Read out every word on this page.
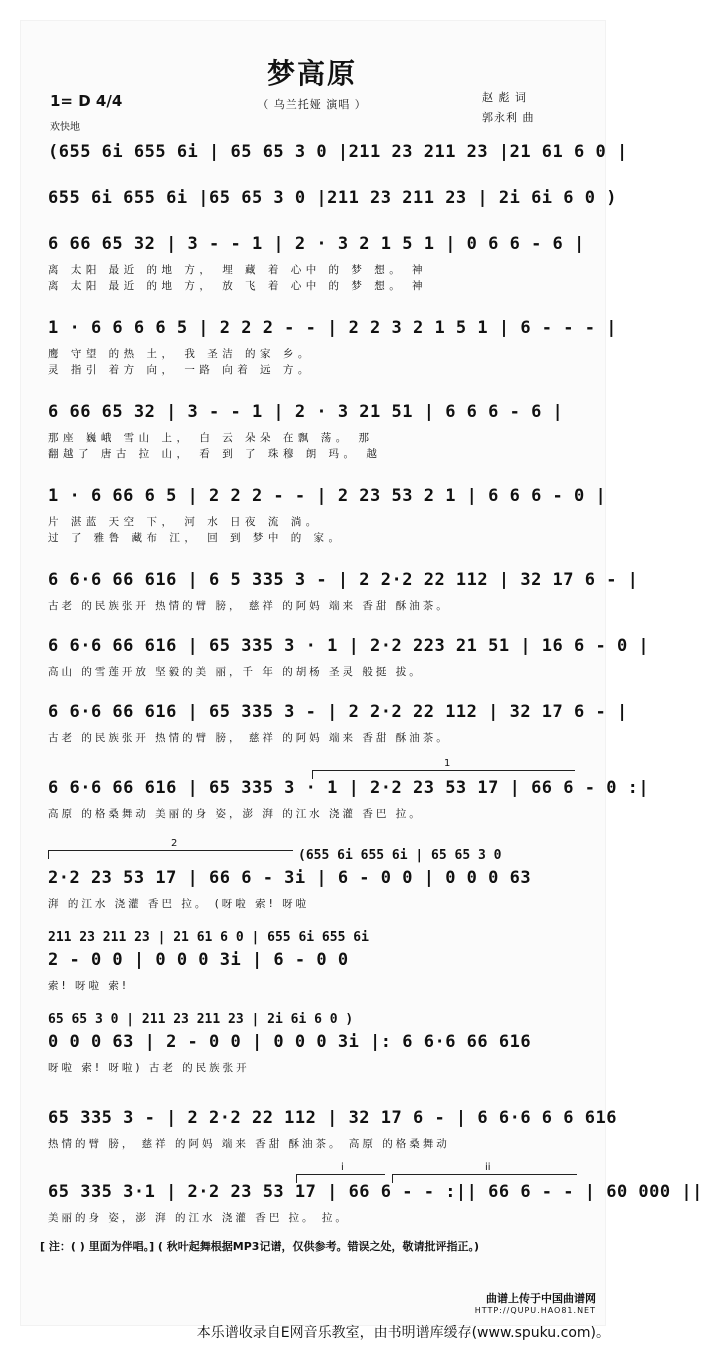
梦高原
（ 乌兰托娅 演唱 ）
1= D 4/4
欢快地
赵 彪 词
郭永利 曲
(655 6i 655 6i | 65 65 3 0 |211 23 211 23 |21 61 6 0 |
655 6i 655 6i |65 65 3 0 |211 23 211 23 | 2i 6i 6 0 )
6 66 65 32 | 3 - - 1 | 2 · 3 2 1 5 1 | 0 6 6 - 6 |
离 太阳 最近 的地 方， 埋 藏 着 心中 的 梦 想。 神
离 太阳 最近 的地 方， 放 飞 着 心中 的 梦 想。 神
1 · 6 6 6 6 5 | 2 2 2 - - | 2 2 3 2 1 5 1 | 6 - - - |
鹰 守望 的热 土， 我 圣洁 的家 乡。
灵 指引 着方 向， 一路 向着 远 方。
6 66 65 32 | 3 - - 1 | 2 · 3 21 51 | 6 6 6 - 6 |
那座 巍峨 雪山 上， 白 云 朵朵 在飘 荡。 那
翻越了 唐古 拉 山， 看 到 了 珠穆 朗 玛。 越
1 · 6 66 6 5 | 2 2 2 - - | 2 23 53 2 1 | 6 6 6 - 0 |
片 湛蓝 天空 下， 河 水 日夜 流 淌。
过 了 雅鲁 藏布 江， 回 到 梦中 的 家。
6 6·6 66 616 | 6 5 335 3 - | 2 2·2 22 112 | 32 17 6 - |
古老 的民族张开 热情的臂 膀， 慈祥 的阿妈 端来 香甜 酥油茶。
6 6·6 66 616 | 65 335 3 · 1 | 2·2 223 21 51 | 16 6 - 0 |
高山 的雪莲开放 坚毅的美 丽，千 年 的胡杨 圣灵 般挺 拔。
6 6·6 66 616 | 65 335 3 - | 2 2·2 22 112 | 32 17 6 - |
古老 的民族张开 热情的臂 膀， 慈祥 的阿妈 端来 香甜 酥油茶。
1
6 6·6 66 616 | 65 335 3 · 1 | 2·2 23 53 17 | 66 6 - 0 :|
高原 的格桑舞动 美丽的身 姿，澎 湃 的江水 浇灌 香巴 拉。
2
(655 6i 655 6i | 65 65 3 0
2·2 23 53 17 | 66 6 - 3i | 6 - 0 0 | 0 0 0 63
湃 的江水 浇灌 香巴 拉。 (呀啦 索! 呀啦
211 23 211 23 | 21 61 6 0 | 655 6i 655 6i
2 - 0 0 | 0 0 0 3i | 6 - 0 0
索! 呀啦 索!
65 65 3 0 | 211 23 211 23 | 2i 6i 6 0 )
0 0 0 63 | 2 - 0 0 | 0 0 0 3i |: 6 6·6 66 616
呀啦 索! 呀啦) 古老 的民族张开
65 335 3 - | 2 2·2 22 112 | 32 17 6 - | 6 6·6 6 6 616
热情的臂 膀， 慈祥 的阿妈 端来 香甜 酥油茶。 高原 的格桑舞动
i	ii
65 335 3·1 | 2·2 23 53 17 | 66 6 - - :|| 66 6 - - | 60 000 ||
美丽的身 姿，澎 湃 的江水 浇灌 香巴 拉。 拉。
[ 注：( ) 里面为伴唱。] ( 秋叶起舞根据MP3记谱，仅供参考。错误之处，敬请批评指正。)
曲谱上传于中国曲谱网
HTTP://QUPU.HAO81.NET
本乐谱收录自E网音乐教室，由书明谱库缓存(www.spuku.com)。
